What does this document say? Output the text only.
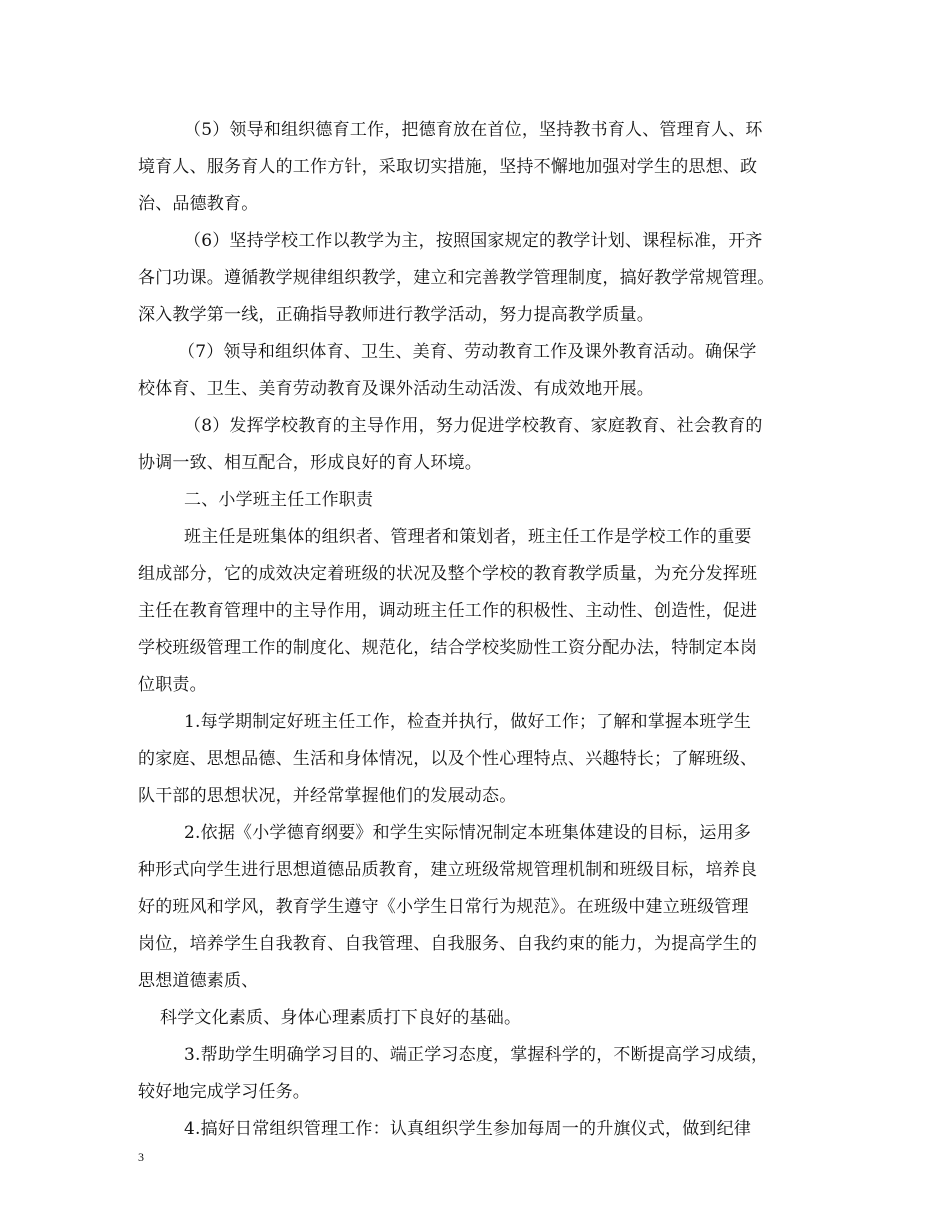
（5）领导和组织德育工作，把德育放在首位，坚持教书育人、管理育人、环
境育人、服务育人的工作方针，采取切实措施，坚持不懈地加强对学生的思想、政
治、品德教育。
（6）坚持学校工作以教学为主，按照国家规定的教学计划、课程标准，开齐
各门功课。遵循教学规律组织教学，建立和完善教学管理制度，搞好教学常规管理。
深入教学第一线，正确指导教师进行教学活动，努力提高教学质量。
（7）领导和组织体育、卫生、美育、劳动教育工作及课外教育活动。确保学
校体育、卫生、美育劳动教育及课外活动生动活泼、有成效地开展。
（8）发挥学校教育的主导作用，努力促进学校教育、家庭教育、社会教育的
协调一致、相互配合，形成良好的育人环境。
二、小学班主任工作职责
班主任是班集体的组织者、管理者和策划者，班主任工作是学校工作的重要
组成部分，它的成效决定着班级的状况及整个学校的教育教学质量，为充分发挥班
主任在教育管理中的主导作用，调动班主任工作的积极性、主动性、创造性，促进
学校班级管理工作的制度化、规范化，结合学校奖励性工资分配办法，特制定本岗
位职责。
1.每学期制定好班主任工作，检查并执行，做好工作；了解和掌握本班学生
的家庭、思想品德、生活和身体情况，以及个性心理特点、兴趣特长；了解班级、
队干部的思想状况，并经常掌握他们的发展动态。
2.依据《小学德育纲要》和学生实际情况制定本班集体建设的目标，运用多
种形式向学生进行思想道德品质教育，建立班级常规管理机制和班级目标，培养良
好的班风和学风，教育学生遵守《小学生日常行为规范》。在班级中建立班级管理
岗位，培养学生自我教育、自我管理、自我服务、自我约束的能力，为提高学生的
思想道德素质、
科学文化素质、身体心理素质打下良好的基础。
3.帮助学生明确学习目的、端正学习态度，掌握科学的，不断提高学习成绩，
较好地完成学习任务。
4.搞好日常组织管理工作：认真组织学生参加每周一的升旗仪式，做到纪律
3
